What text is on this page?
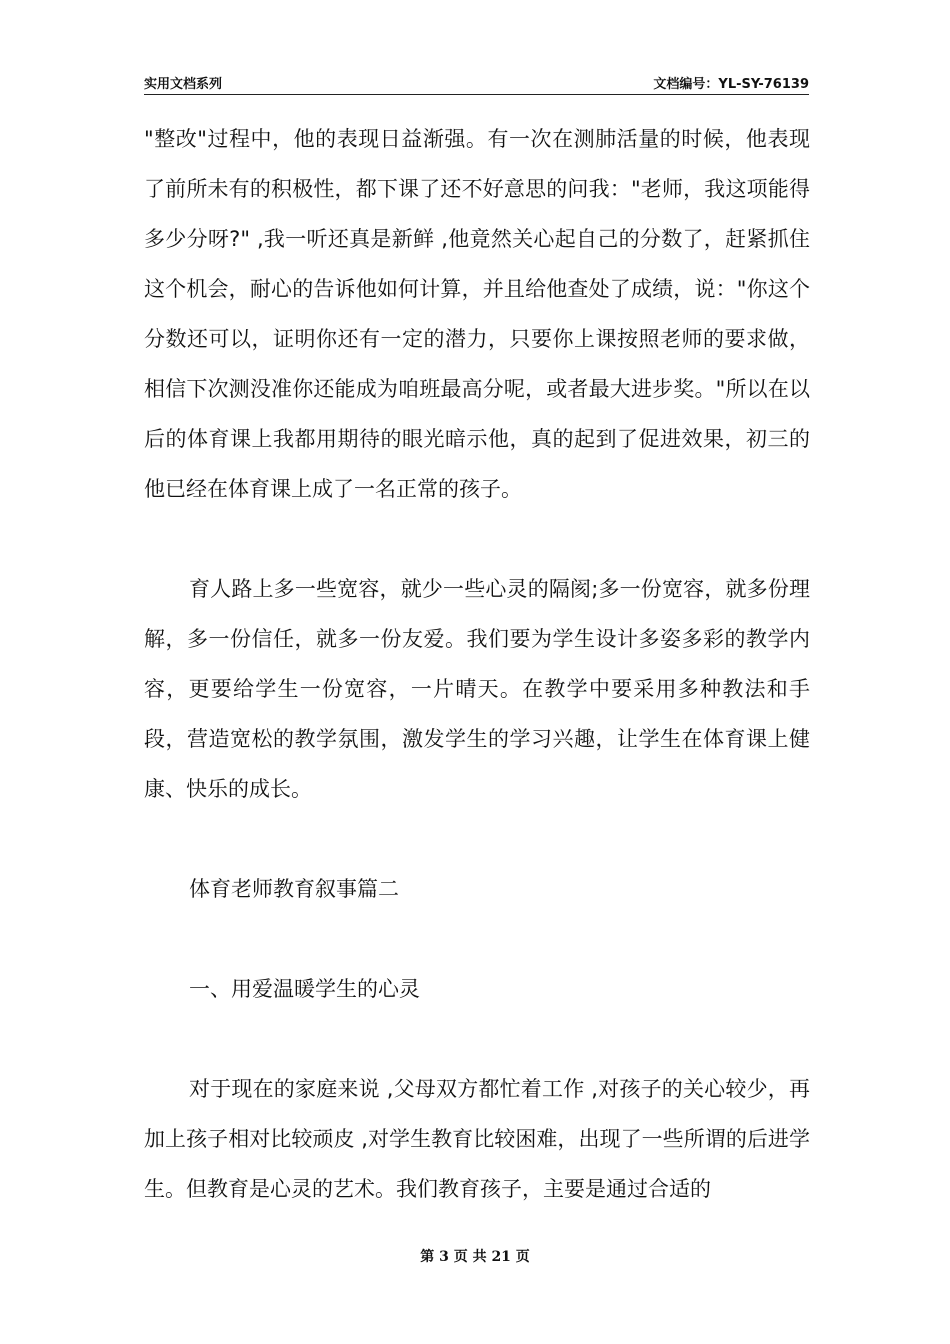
实用文档系列	文档编号：YL-SY-76139

"整改"过程中，他的表现日益渐强。有一次在测肺活量的时候，他表现了前所未有的积极性，都下课了还不好意思的问我："老师，我这项能得多少分呀?" ,我一听还真是新鲜 ,他竟然关心起自己的分数了，赶紧抓住这个机会，耐心的告诉他如何计算，并且给他查处了成绩，说："你这个分数还可以，证明你还有一定的潜力，只要你上课按照老师的要求做，相信下次测没准你还能成为咱班最高分呢，或者最大进步奖。"所以在以后的体育课上我都用期待的眼光暗示他，真的起到了促进效果，初三的他已经在体育课上成了一名正常的孩子。

育人路上多一些宽容，就少一些心灵的隔阂;多一份宽容，就多份理解，多一份信任，就多一份友爱。我们要为学生设计多姿多彩的教学内容，更要给学生一份宽容，一片晴天。在教学中要采用多种教法和手段，营造宽松的教学氛围，激发学生的学习兴趣，让学生在体育课上健康、快乐的成长。

体育老师教育叙事篇二

一、用爱温暖学生的心灵

对于现在的家庭来说 ,父母双方都忙着工作 ,对孩子的关心较少，再加上孩子相对比较顽皮 ,对学生教育比较困难，出现了一些所谓的后进学生。但教育是心灵的艺术。我们教育孩子，主要是通过合适的

第 3 页 共 21 页
